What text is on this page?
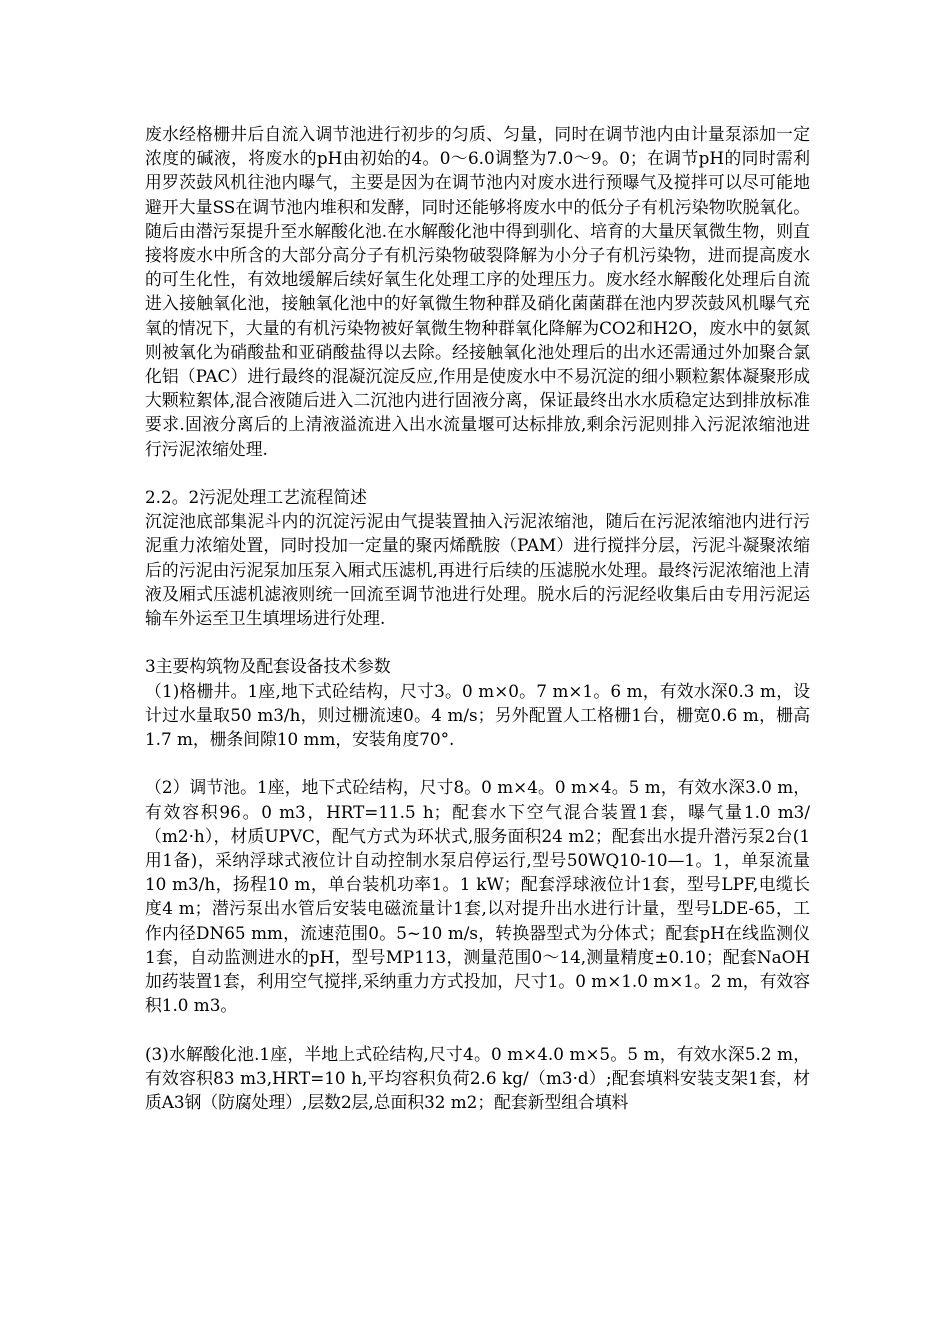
废水经格栅井后自流入调节池进行初步的匀质、匀量，同时在调节池内由计量泵添加一定浓度的碱液，将废水的pH由初始的4。0～6.0调整为7.0～9。0；在调节pH的同时需利用罗茨鼓风机往池内曝气，主要是因为在调节池内对废水进行预曝气及搅拌可以尽可能地避开大量SS在调节池内堆积和发酵，同时还能够将废水中的低分子有机污染物吹脱氧化。随后由潜污泵提升至水解酸化池.在水解酸化池中得到驯化、培育的大量厌氧微生物，则直接将废水中所含的大部分高分子有机污染物破裂降解为小分子有机污染物，进而提高废水的可生化性，有效地缓解后续好氧生化处理工序的处理压力。废水经水解酸化处理后自流进入接触氧化池，接触氧化池中的好氧微生物种群及硝化菌菌群在池内罗茨鼓风机曝气充氧的情况下，大量的有机污染物被好氧微生物种群氧化降解为CO2和H2O，废水中的氨氮则被氧化为硝酸盐和亚硝酸盐得以去除。经接触氧化池处理后的出水还需通过外加聚合氯化铝（PAC）进行最终的混凝沉淀反应,作用是使废水中不易沉淀的细小颗粒絮体凝聚形成大颗粒絮体,混合液随后进入二沉池内进行固液分离，保证最终出水水质稳定达到排放标准要求.固液分离后的上清液溢流进入出水流量堰可达标排放,剩余污泥则排入污泥浓缩池进行污泥浓缩处理.

2.2。2污泥处理工艺流程简述

沉淀池底部集泥斗内的沉淀污泥由气提装置抽入污泥浓缩池，随后在污泥浓缩池内进行污泥重力浓缩处置，同时投加一定量的聚丙烯酰胺（PAM）进行搅拌分层，污泥斗凝聚浓缩后的污泥由污泥泵加压泵入厢式压滤机,再进行后续的压滤脱水处理。最终污泥浓缩池上清液及厢式压滤机滤液则统一回流至调节池进行处理。脱水后的污泥经收集后由专用污泥运输车外运至卫生填埋场进行处理.

3主要构筑物及配套设备技术参数

（1)格栅井。1座,地下式砼结构，尺寸3。0 m×0。7 m×1。6 m，有效水深0.3 m，设计过水量取50 m3/h，则过栅流速0。4 m/s；另外配置人工格栅1台，栅宽0.6 m，栅高1.7 m，栅条间隙10 mm，安装角度70°.

（2）调节池。1座，地下式砼结构，尺寸8。0 m×4。0 m×4。5 m，有效水深3.0 m，有效容积96。0 m3，HRT=11.5 h；配套水下空气混合装置1套，曝气量1.0 m3/（m2·h），材质UPVC，配气方式为环状式,服务面积24 m2；配套出水提升潜污泵2台(1用1备)，采纳浮球式液位计自动控制水泵启停运行,型号50WQ10-10—1。1，单泵流量10 m3/h，扬程10 m，单台装机功率1。1 kW；配套浮球液位计1套，型号LPF,电缆长度4 m；潜污泵出水管后安装电磁流量计1套,以对提升出水进行计量，型号LDE-65，工作内径DN65 mm，流速范围0。5~10 m/s，转换器型式为分体式；配套pH在线监测仪1套，自动监测进水的pH，型号MP113，测量范围0～14,测量精度±0.10；配套NaOH加药装置1套，利用空气搅拌,采纳重力方式投加，尺寸1。0 m×1.0 m×1。2 m，有效容积1.0 m3。

(3)水解酸化池.1座，半地上式砼结构,尺寸4。0 m×4.0 m×5。5 m，有效水深5.2 m，有效容积83 m3,HRT=10 h,平均容积负荷2.6 kg/（m3·d）;配套填料安装支架1套，材质A3钢（防腐处理）,层数2层,总面积32 m2；配套新型组合填料
